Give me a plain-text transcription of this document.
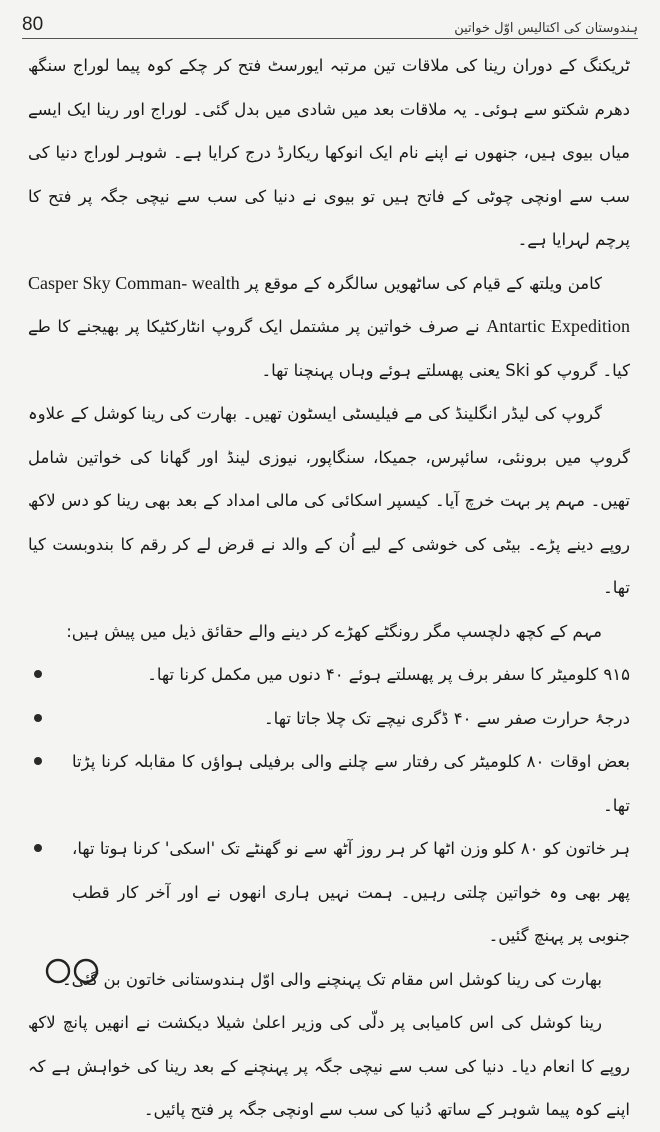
80	ہندوستان کی اکتالیس اوّل خواتین

ٹریکنگ کے دوران رینا کی ملاقات تین مرتبہ ایورسٹ فتح کر چکے کوہ پیما لوراج سنگھ دھرم شکتو سے ہوئی۔ یہ ملاقات بعد میں شادی میں بدل گئی۔ لوراج اور رینا ایک ایسے میاں بیوی ہیں، جنھوں نے اپنے نام ایک انوکھا ریکارڈ درج کرایا ہے۔ شوہر لوراج دنیا کی سب سے اونچی چوٹی کے فاتح ہیں تو بیوی نے دنیا کی سب سے نیچی جگہ پر فتح کا پرچم لہرایا ہے۔

کامن ویلتھ کے قیام کی ساٹھویں سالگرہ کے موقع پر Casper Sky Comman- wealth Antartic Expedition نے صرف خواتین پر مشتمل ایک گروپ انٹارکٹیکا پر بھیجنے کا طے کیا۔ گروپ کو Ski یعنی پھسلتے ہوئے وہاں پہنچنا تھا۔

گروپ کی لیڈر انگلینڈ کی مے فیلیسٹی ایسٹون تھیں۔ بھارت کی رینا کوشل کے علاوہ گروپ میں برونئی، سائپرس، جمیکا، سنگاپور، نیوزی لینڈ اور گھانا کی خواتین شامل تھیں۔ مہم پر بہت خرچ آیا۔ کیسپر اسکائی کی مالی امداد کے بعد بھی رینا کو دس لاکھ روپے دینے پڑے۔ بیٹی کی خوشی کے لیے اُن کے والد نے قرض لے کر رقم کا بندوبست کیا تھا۔

مہم کے کچھ دلچسپ مگر رونگٹے کھڑے کر دینے والے حقائق ذیل میں پیش ہیں:

۹۱۵ کلومیٹر کا سفر برف پر پھسلتے ہوئے ۴۰ دنوں میں مکمل کرنا تھا۔
درجۂ حرارت صفر سے ۴۰ ڈگری نیچے تک چلا جاتا تھا۔
بعض اوقات ۸۰ کلومیٹر کی رفتار سے چلنے والی برفیلی ہواؤں کا مقابلہ کرنا پڑتا تھا۔
ہر خاتون کو ۸۰ کلو وزن اٹھا کر ہر روز آٹھ سے نو گھنٹے تک 'اسکی' کرنا ہوتا تھا، پھر بھی وہ خواتین چلتی رہیں۔ ہمت نہیں ہاری انھوں نے اور آخر کار قطب جنوبی پر پہنچ گئیں۔

بھارت کی رینا کوشل اس مقام تک پہنچنے والی اوّل ہندوستانی خاتون بن گئی۔

رینا کوشل کی اس کامیابی پر دلّی کی وزیر اعلیٰ شیلا دیکشت نے انھیں پانچ لاکھ روپے کا انعام دیا۔ دنیا کی سب سے نیچی جگہ پر پہنچنے کے بعد رینا کی خواہش ہے کہ اپنے کوہ پیما شوہر کے ساتھ دُنیا کی سب سے اونچی جگہ پر فتح پائیں۔
